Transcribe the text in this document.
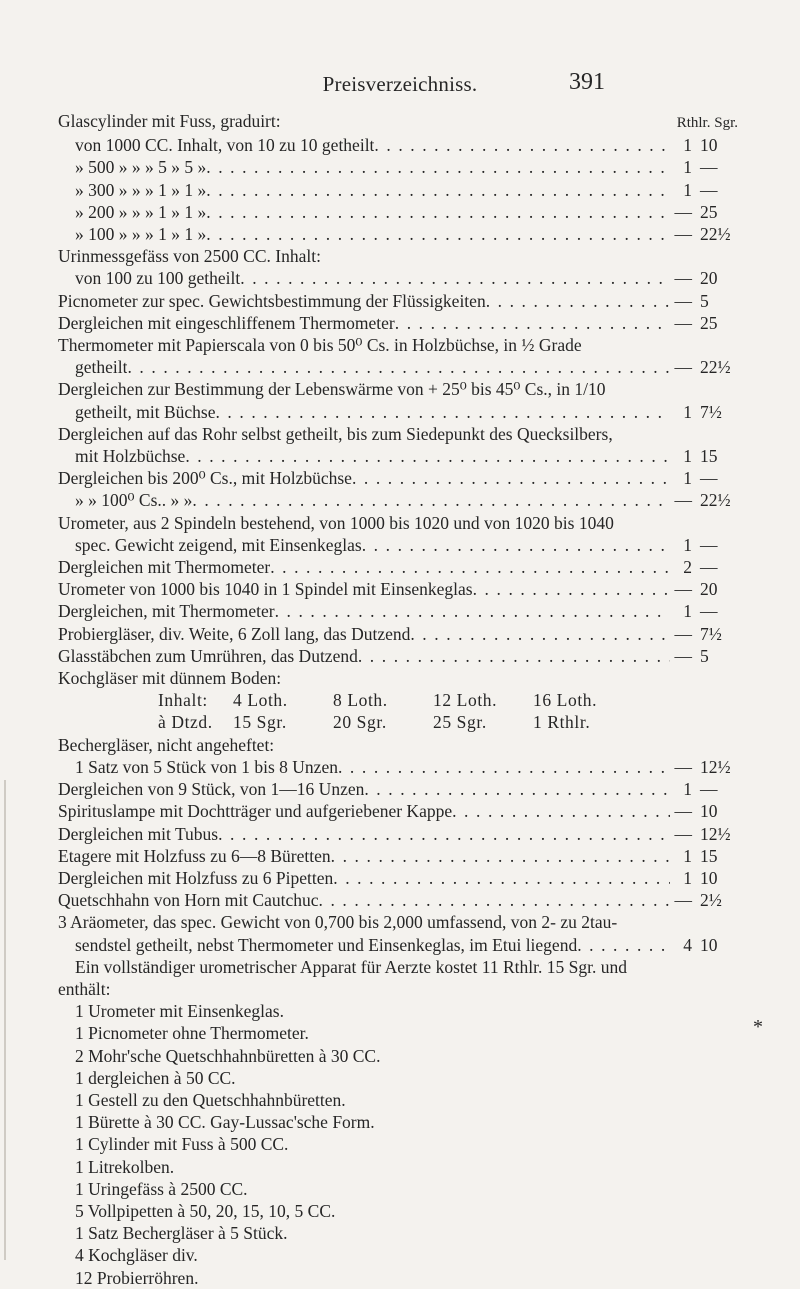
Preisverzeichniss.	391
Glascylinder mit Fuss, graduirt:	Rthlr. Sgr.
von 1000 CC. Inhalt, von 10 zu 10 getheilt . . .	1 10
» 500 » » » 5 » 5 » . . .	1 —
» 300 » » » 1 » 1 » . . .	1 —
» 200 » » » 1 » 1 » . . .	— 25
» 100 » » » 1 » 1 » . . .	— 22½
Urinmessgefäss von 2500 CC. Inhalt:
von 100 zu 100 getheilt . . .	— 20
Picnometer zur spec. Gewichtsbestimmung der Flüssigkeiten . . .	— 5
Dergleichen mit eingeschliffenem Thermometer . . .	— 25
Thermometer mit Papierscala von 0 bis 50⁰ Cs. in Holzbüchse, in ½ Grade
getheilt . . .	— 22½
Dergleichen zur Bestimmung der Lebenswärme von + 25⁰ bis 45⁰ Cs., in 1/10
getheilt, mit Büchse . . .	1 7½
Dergleichen auf das Rohr selbst getheilt, bis zum Siedepunkt des Quecksilbers,
mit Holzbüchse . . .	1 15
Dergleichen bis 200⁰ Cs., mit Holzbüchse . . .	1 —
» » 100⁰ Cs.. » » . . .	— 22½
Urometer, aus 2 Spindeln bestehend, von 1000 bis 1020 und von 1020 bis 1040
spec. Gewicht zeigend, mit Einsenkeglas . . .	1 —
Dergleichen mit Thermometer . . .	2 —
Urometer von 1000 bis 1040 in 1 Spindel mit Einsenkeglas . . .	— 20
Dergleichen, mit Thermometer . . .	1 —
Probiergläser, div. Weite, 6 Zoll lang, das Dutzend . . .	— 7½
Glasstäbchen zum Umrühren, das Dutzend . . .	— 5
Kochgläser mit dünnem Boden:
Inhalt:	4 Loth.	8 Loth.	12 Loth.	16 Loth.
à Dtzd.	15 Sgr.	20 Sgr.	25 Sgr.	1 Rthlr.
Bechergläser, nicht angeheftet:
1 Satz von 5 Stück von 1 bis 8 Unzen . . .	— 12½
Dergleichen von 9 Stück, von 1—16 Unzen . . .	1 —
Spirituslampe mit Dochtträger und aufgeriebener Kappe . . .	— 10
Dergleichen mit Tubus . . .	— 12½
Etagere mit Holzfuss zu 6—8 Büretten . . .	1 15
Dergleichen mit Holzfuss zu 6 Pipetten . . .	1 10
Quetschhahn von Horn mit Cautchuc . . .	— 2½
3 Aräometer, das spec. Gewicht von 0,700 bis 2,000 umfassend, von 2- zu 2tau-
sendstel getheilt, nebst Thermometer und Einsenkeglas, im Etui liegend . . .	4 10
Ein vollständiger urometrischer Apparat für Aerzte kostet 11 Rthlr. 15 Sgr. und
enthält:
1 Urometer mit Einsenkeglas.
1 Picnometer ohne Thermometer.
2 Mohr'sche Quetschhahnbüretten à 30 CC.
1 dergleichen à 50 CC.
1 Gestell zu den Quetschhahnbüretten.
1 Bürette à 30 CC. Gay-Lussac'sche Form.
1 Cylinder mit Fuss à 500 CC.
1 Litrekolben.
1 Uringefäss à 2500 CC.
5 Vollpipetten à 50, 20, 15, 10, 5 CC.
1 Satz Bechergläser à 5 Stück.
4 Kochgläser div.
12 Probierröhren.
*
